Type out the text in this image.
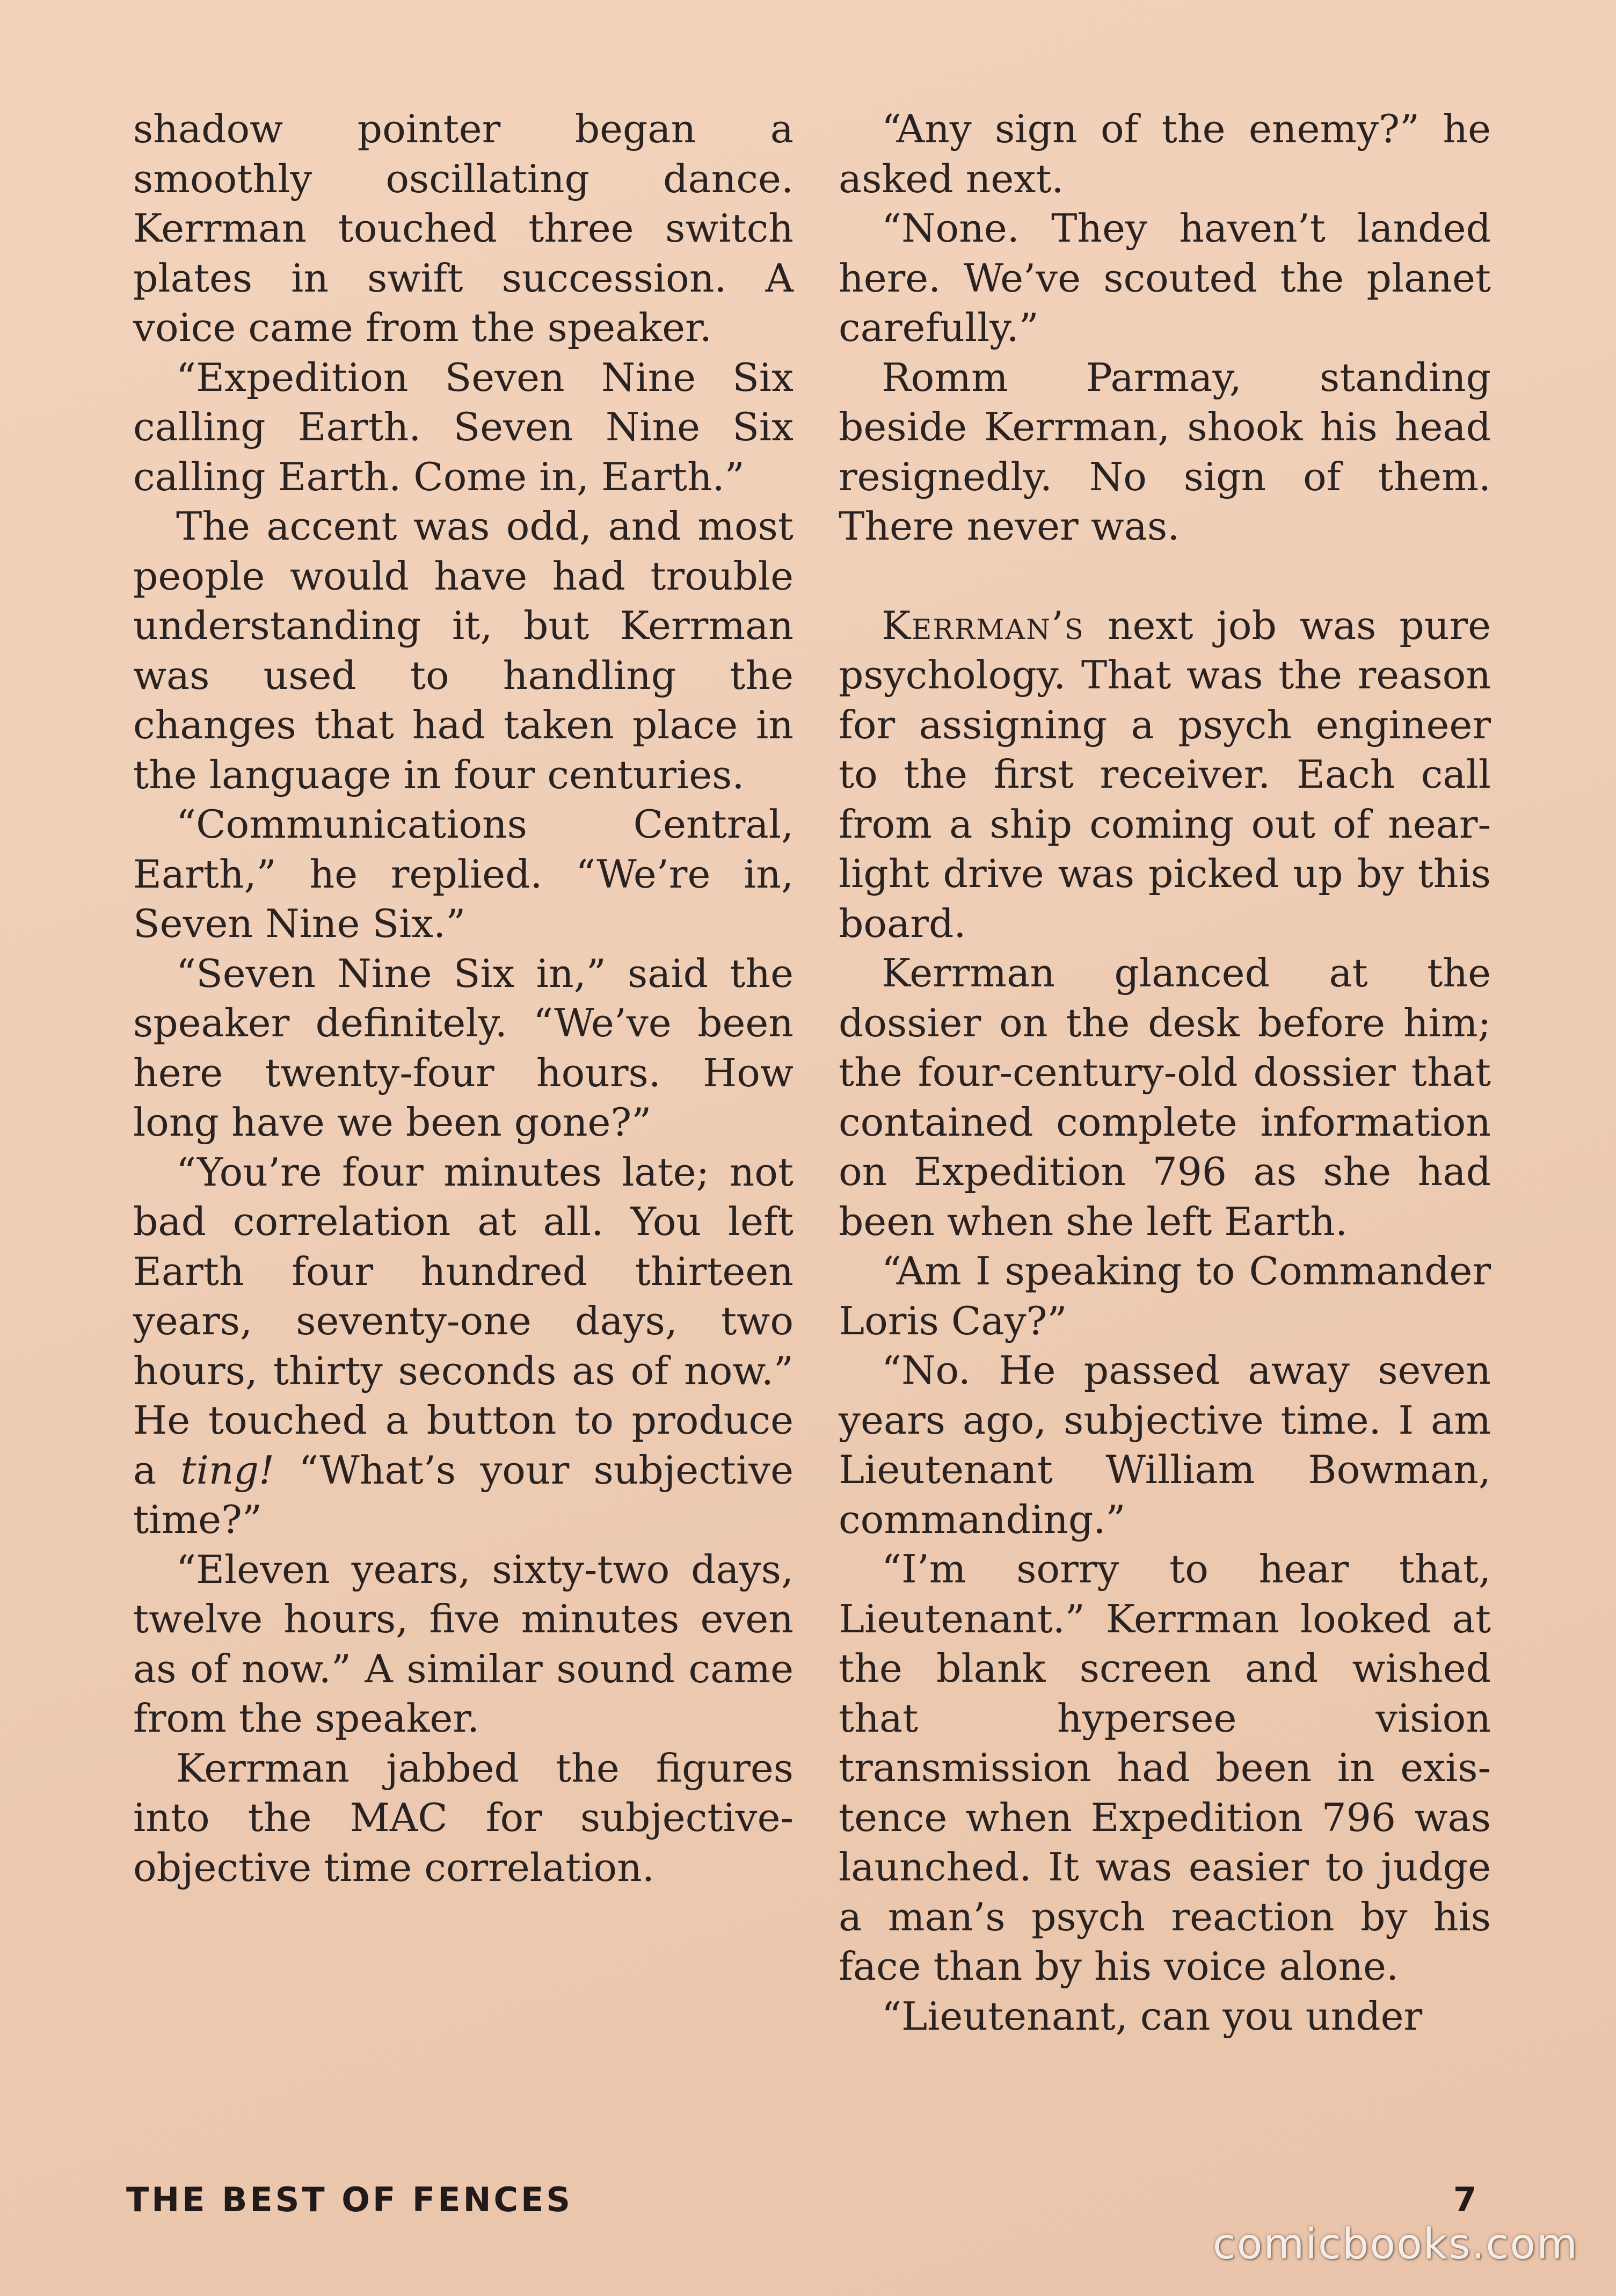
shadow pointer began a smoothly oscillating dance. Kerrman touched three switch plates in swift succession. A voice came from the speaker.

“Expedition Seven Nine Six calling Earth. Seven Nine Six calling Earth. Come in, Earth.”

The accent was odd, and most people would have had trouble understanding it, but Kerrman was used to handling the changes that had taken place in the language in four centuries.

“Communications Central, Earth,” he replied. “We’re in, Seven Nine Six.”

“Seven Nine Six in,” said the speaker definitely. “We’ve been here twenty-four hours. How long have we been gone?”

“You’re four minutes late; not bad correlation at all. You left Earth four hundred thirteen years, seventy-one days, two hours, thirty seconds as of now.” He touched a button to produce a ting! “What’s your subjective time?”

“Eleven years, sixty-two days, twelve hours, five minutes even as of now.” A similar sound came from the speaker.

Kerrman jabbed the figures into the MAC for subjective-objective time correlation.

“Any sign of the enemy?” he asked next.

“None. They haven’t landed here. We’ve scouted the planet carefully.”

Romm Parmay, standing beside Kerrman, shook his head resignedly. No sign of them. There never was.

Kerrman’s next job was pure psychology. That was the reason for assigning a psych engineer to the first receiver. Each call from a ship coming out of near-light drive was picked up by this board.

Kerrman glanced at the dossier on the desk before him; the four-century-old dossier that contained complete information on Expedition 796 as she had been when she left Earth.

“Am I speaking to Commander Loris Cay?”

“No. He passed away seven years ago, subjective time. I am Lieutenant William Bowman, commanding.”

“I’m sorry to hear that, Lieutenant.” Kerrman looked at the blank screen and wished that hypersee vision transmission had been in existence when Expedition 796 was launched. It was easier to judge a man’s psych reaction by his face than by his voice alone.

“Lieutenant, can you under

THE BEST OF FENCES	7
comicbooks.com
